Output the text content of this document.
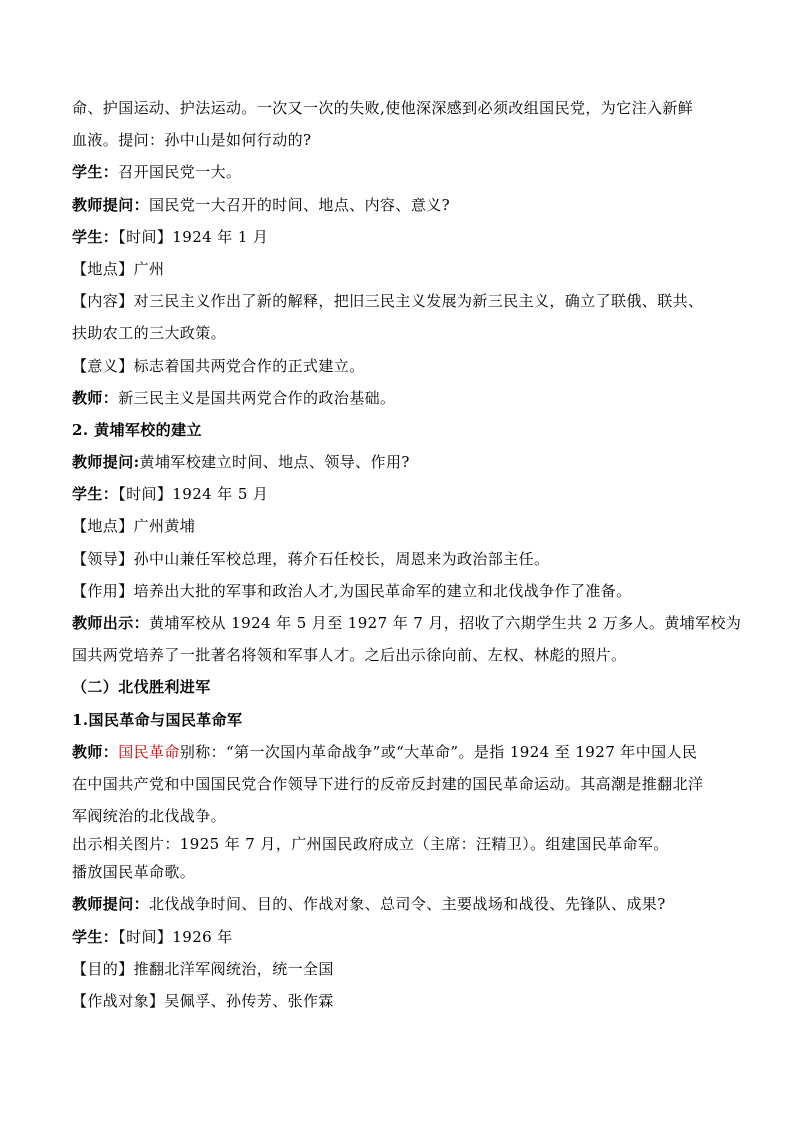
命、护国运动、护法运动。一次又一次的失败,使他深深感到必须改组国民党，为它注入新鲜
血液。提问：孙中山是如何行动的?
学生：召开国民党一大。
教师提问：国民党一大召开的时间、地点、内容、意义?
学生：【时间】1924 年 1 月
【地点】广州
【内容】对三民主义作出了新的解释，把旧三民主义发展为新三民主义，确立了联俄、联共、
扶助农工的三大政策。
【意义】标志着国共两党合作的正式建立。
教师：新三民主义是国共两党合作的政治基础。
2. 黄埔军校的建立
教师提问:黄埔军校建立时间、地点、领导、作用?
学生：【时间】1924 年 5 月
【地点】广州黄埔
【领导】孙中山兼任军校总理，蒋介石任校长，周恩来为政治部主任。
【作用】培养出大批的军事和政治人才,为国民革命军的建立和北伐战争作了准备。
教师出示：黄埔军校从 1924 年 5 月至 1927 年 7 月，招收了六期学生共 2 万多人。黄埔军校为
国共两党培养了一批著名将领和军事人才。之后出示徐向前、左权、林彪的照片。
（二）北伐胜利进军
1.国民革命与国民革命军
教师：国民革命别称：“第一次国内革命战争”或“大革命”。是指 1924 至 1927 年中国人民
在中国共产党和中国国民党合作领导下进行的反帝反封建的国民革命运动。其高潮是推翻北洋
军阀统治的北伐战争。
出示相关图片：1925 年 7 月，广州国民政府成立（主席：汪精卫）。组建国民革命军。
播放国民革命歌。
教师提问：北伐战争时间、目的、作战对象、总司令、主要战场和战役、先锋队、成果?
学生：【时间】1926 年
【目的】推翻北洋军阀统治，统一全国
【作战对象】吴佩孚、孙传芳、张作霖
